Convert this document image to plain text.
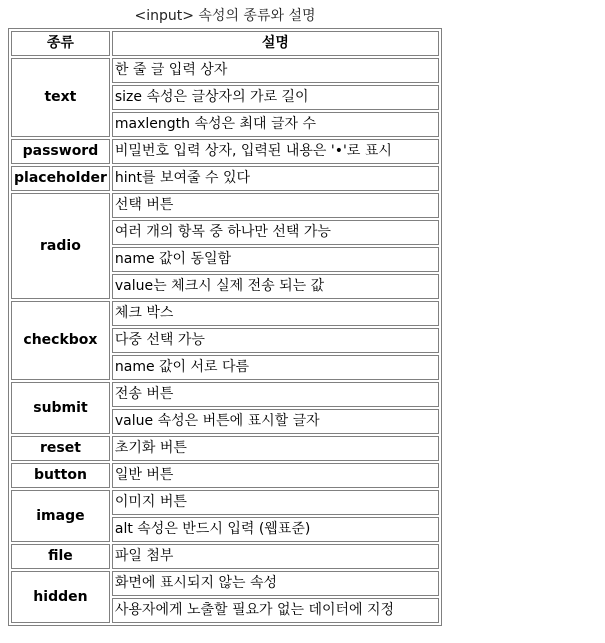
<input> 속성의 종류와 설명
종류	설명
text	한 줄 글 입력 상자
	size 속성은 글상자의 가로 길이
	maxlength 속성은 최대 글자 수
password	비밀번호 입력 상자, 입력된 내용은 '•'로 표시
placeholder	hint를 보여줄 수 있다
radio	선택 버튼
	여러 개의 항목 중 하나만 선택 가능
	name 값이 동일함
	value는 체크시 실제 전송 되는 값
checkbox	체크 박스
	다중 선택 가능
	name 값이 서로 다름
submit	전송 버튼
	value 속성은 버튼에 표시할 글자
reset	초기화 버튼
button	일반 버튼
image	이미지 버튼
	alt 속성은 반드시 입력 (웹표준)
file	파일 첨부
hidden	화면에 표시되지 않는 속성
	사용자에게 노출할 필요가 없는 데이터에 지정
